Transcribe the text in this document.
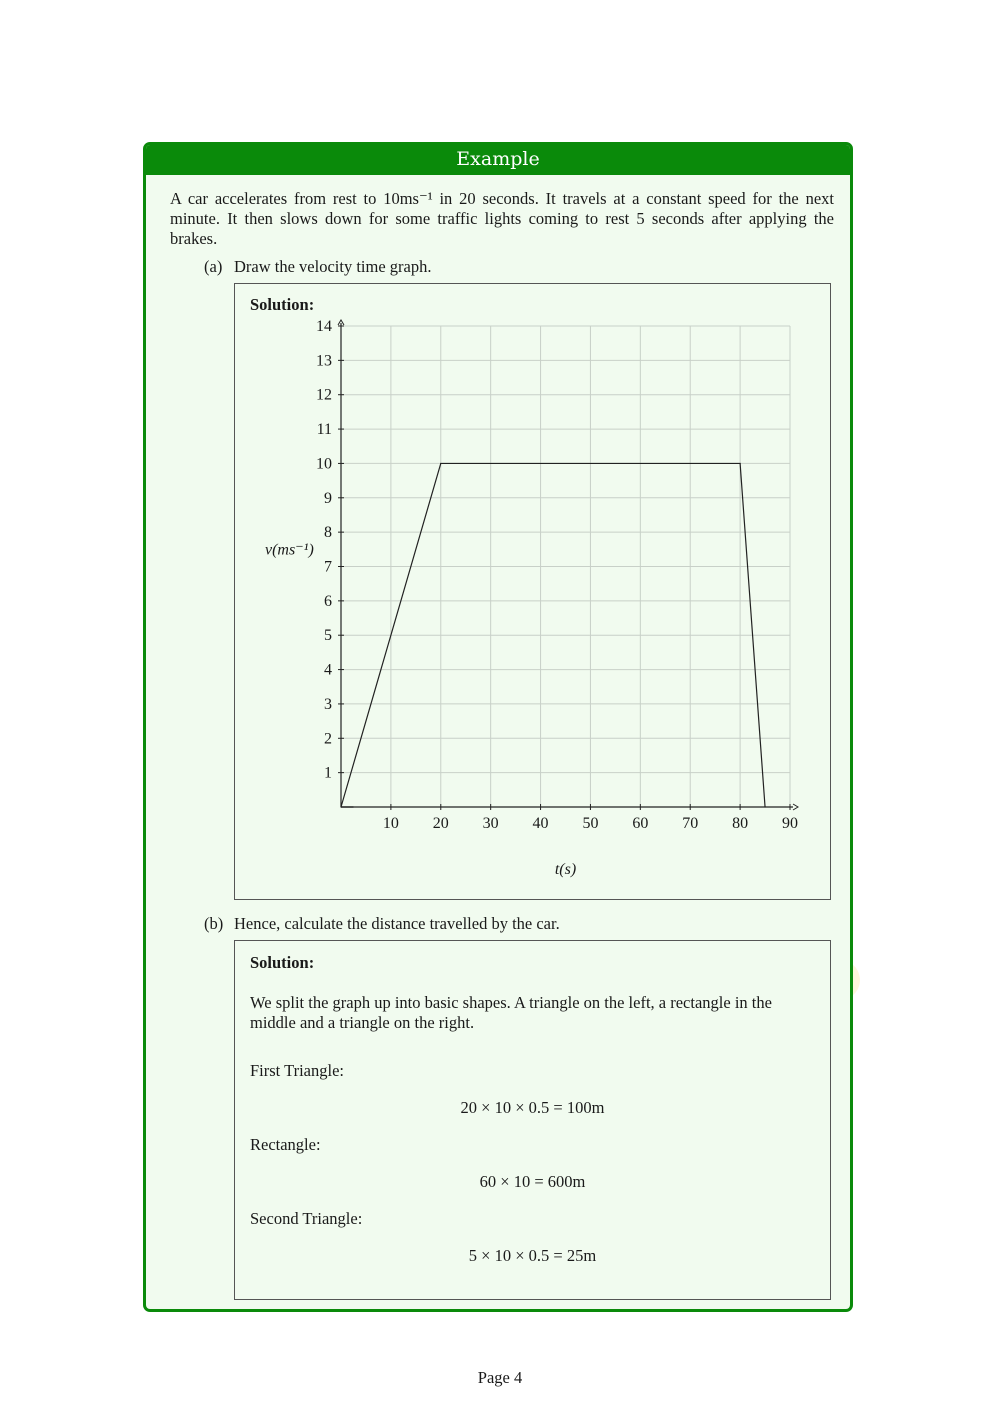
Example
A car accelerates from rest to 10ms⁻¹ in 20 seconds. It travels at a constant speed for the next minute. It then slows down for some traffic lights coming to rest 5 seconds after applying the brakes.
(a) Draw the velocity time graph.
Solution:
10 20 30 40 50 60 70 80 90
1
2
3
4
5
6
7
8
9
10
11
12
13
14
t(s)
v(ms⁻¹)
(b) Hence, calculate the distance travelled by the car.
Solution:
We split the graph up into basic shapes. A triangle on the left, a rectangle in the middle and a triangle on the right.
First Triangle:
20 × 10 × 0.5 = 100m
Rectangle:
60 × 10 = 600m
Second Triangle:
5 × 10 × 0.5 = 25m
Page 4
